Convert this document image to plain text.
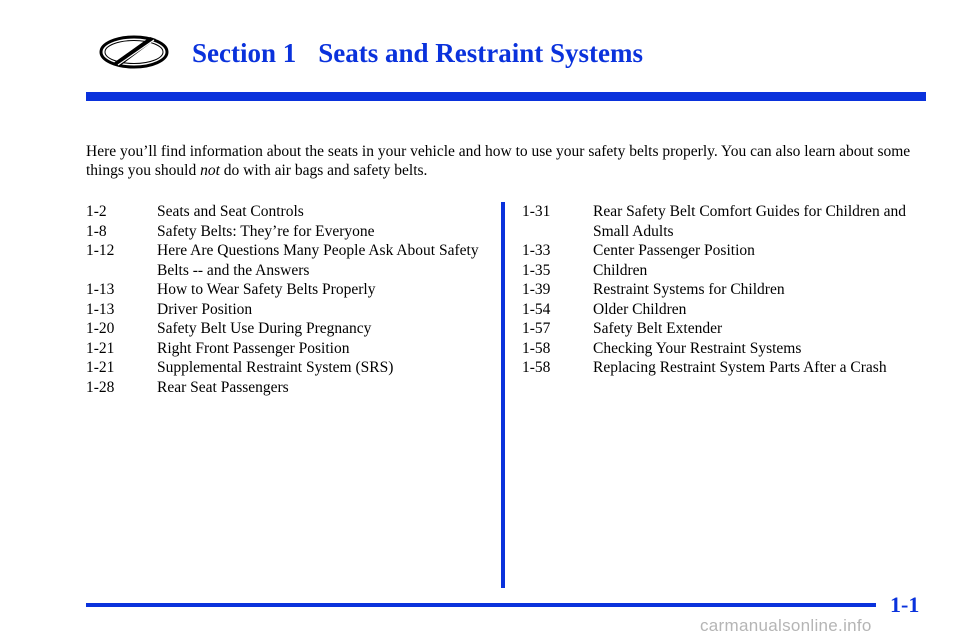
Section 1 Seats and Restraint Systems

Here you’ll find information about the seats in your vehicle and how to use your safety belts properly. You can also learn about some things you should not do with air bags and safety belts.

1-2	Seats and Seat Controls
1-8	Safety Belts: They’re for Everyone
1-12	Here Are Questions Many People Ask About Safety Belts -- and the Answers
1-13	How to Wear Safety Belts Properly
1-13	Driver Position
1-20	Safety Belt Use During Pregnancy
1-21	Right Front Passenger Position
1-21	Supplemental Restraint System (SRS)
1-28	Rear Seat Passengers
1-31	Rear Safety Belt Comfort Guides for Children and Small Adults
1-33	Center Passenger Position
1-35	Children
1-39	Restraint Systems for Children
1-54	Older Children
1-57	Safety Belt Extender
1-58	Checking Your Restraint Systems
1-58	Replacing Restraint System Parts After a Crash
1-1
carmanualsonline.info
